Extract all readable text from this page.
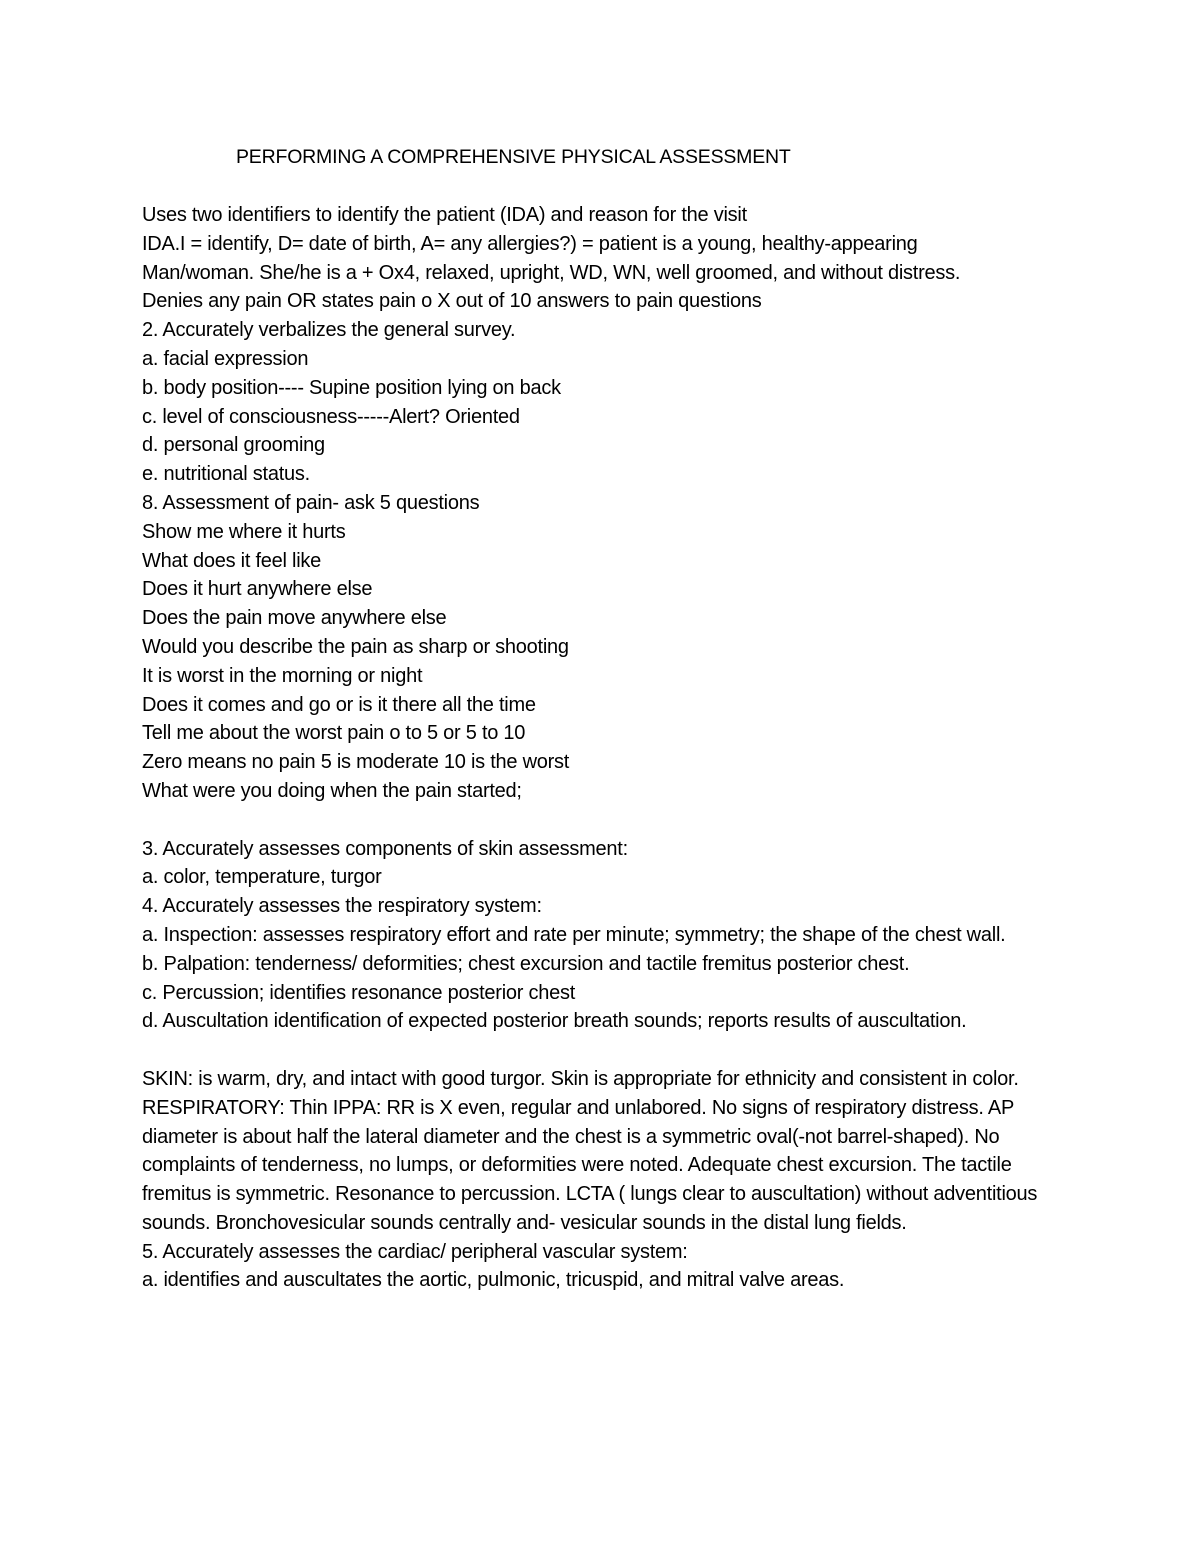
PERFORMING A COMPREHENSIVE PHYSICAL ASSESSMENT
Uses two identifiers to identify the patient (IDA) and reason for the visit
IDA.I = identify, D= date of birth, A= any allergies?) = patient is a young, healthy-appearing
Man/woman. She/he is a + Ox4, relaxed, upright, WD, WN, well groomed, and without distress.
Denies any pain OR states pain o X out of 10 answers to pain questions
2. Accurately verbalizes the general survey.
a. facial expression
b. body position---- Supine position lying on back
c. level of consciousness-----Alert? Oriented
d. personal grooming
e. nutritional status.
8. Assessment of pain- ask 5 questions
Show me where it hurts
What does it feel like
Does it hurt anywhere else
Does the pain move anywhere else
Would you describe the pain as sharp or shooting
It is worst in the morning or night
Does it comes and go or is it there all the time
Tell me about the worst pain o to 5 or 5 to 10
Zero means no pain 5 is moderate 10 is the worst
What were you doing when the pain started;
3. Accurately assesses components of skin assessment:
a. color, temperature, turgor
4. Accurately assesses the respiratory system:
a. Inspection: assesses respiratory effort and rate per minute; symmetry; the shape of the chest wall.
b. Palpation: tenderness/ deformities; chest excursion and tactile fremitus posterior chest.
c. Percussion; identifies resonance posterior chest
d. Auscultation identification of expected posterior breath sounds; reports results of auscultation.
SKIN: is warm, dry, and intact with good turgor. Skin is appropriate for ethnicity and consistent in color.
RESPIRATORY: Thin IPPA: RR is X even, regular and unlabored. No signs of respiratory distress. AP diameter is about half the lateral diameter and the chest is a symmetric oval(-not barrel-shaped). No complaints of tenderness, no lumps, or deformities were noted. Adequate chest excursion. The tactile fremitus is symmetric. Resonance to percussion. LCTA ( lungs clear to auscultation) without adventitious sounds. Bronchovesicular sounds centrally and- vesicular sounds in the distal lung fields.
5. Accurately assesses the cardiac/ peripheral vascular system:
a. identifies and auscultates the aortic, pulmonic, tricuspid, and mitral valve areas.
